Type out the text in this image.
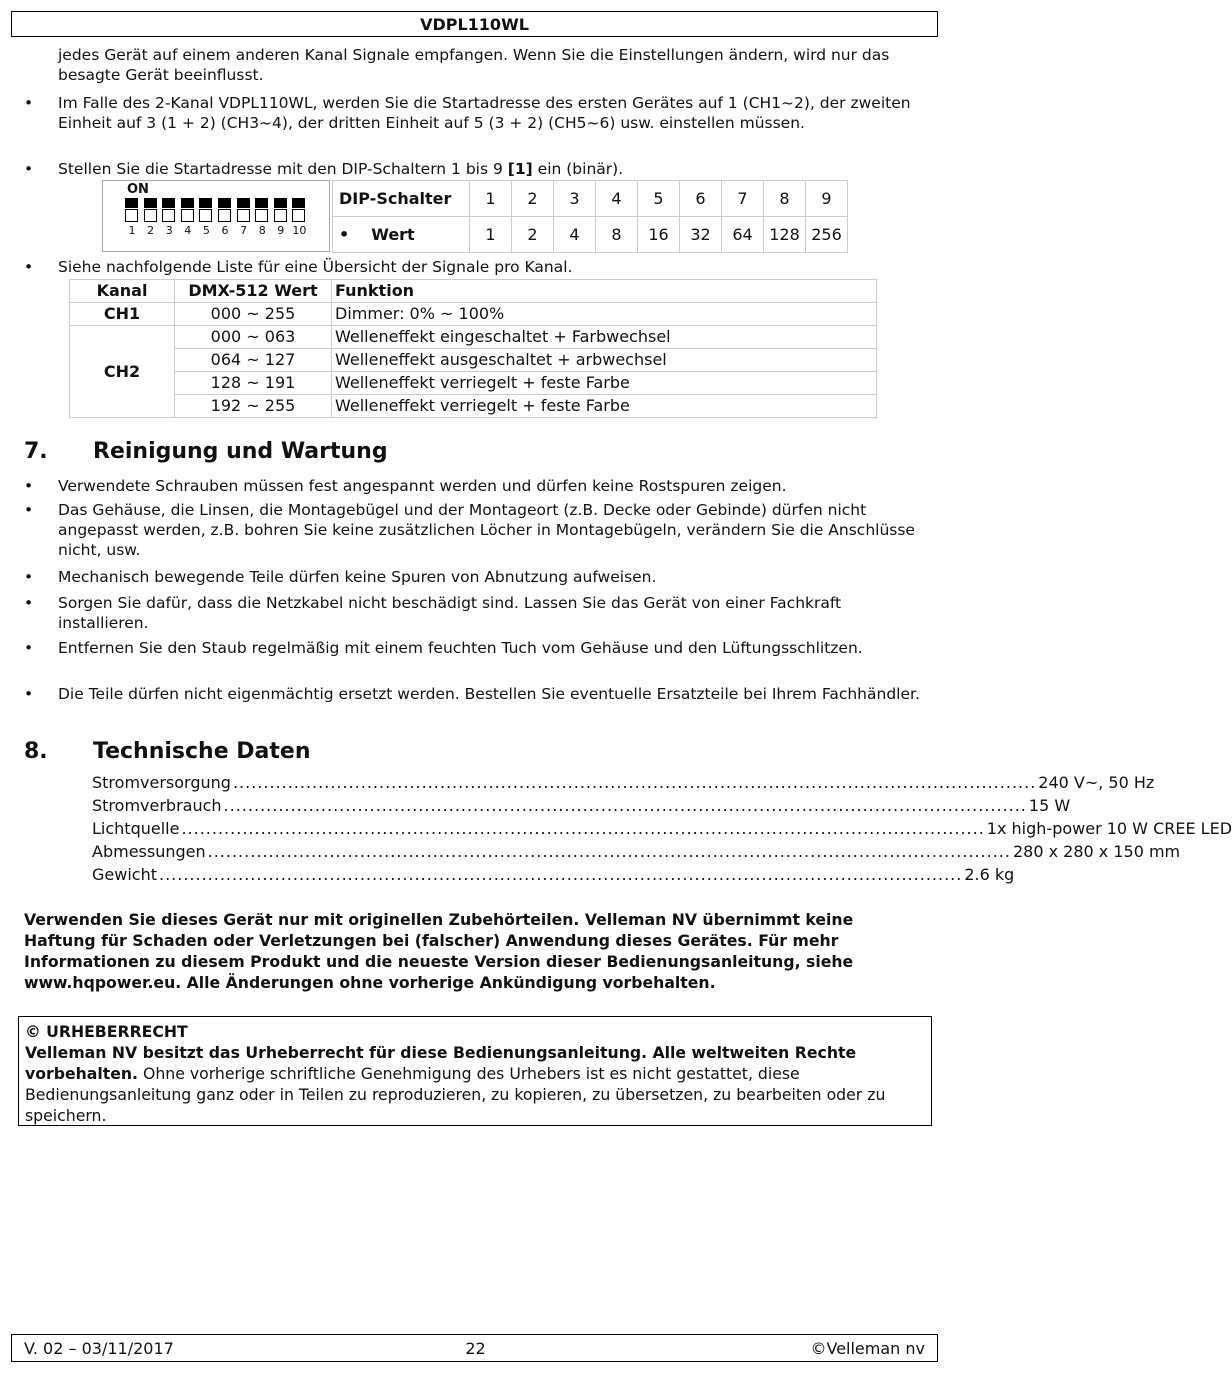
VDPL110WL
jedes Gerät auf einem anderen Kanal Signale empfangen. Wenn Sie die Einstellungen ändern, wird nur das besagte Gerät beeinflusst.
•	Im Falle des 2-Kanal VDPL110WL, werden Sie die Startadresse des ersten Gerätes auf 1 (CH1~2), der zweiten Einheit auf 3 (1 + 2) (CH3~4), der dritten Einheit auf 5 (3 + 2) (CH5~6) usw. einstellen müssen.
•	Stellen Sie die Startadresse mit den DIP-Schaltern 1 bis 9 [1] ein (binär).
ON
1	2	3	4	5	6	7	8	9 10
DIP-Schalter	1	2	3	4	5	6	7	8	9
• Wert	1	2	4	8	16	32	64	128	256
•	Siehe nachfolgende Liste für eine Übersicht der Signale pro Kanal.
Kanal	DMX-512 Wert	Funktion
CH1	000 ~ 255	Dimmer: 0% ~ 100%
CH2	000 ~ 063	Welleneffekt eingeschaltet + Farbwechsel
	064 ~ 127	Welleneffekt ausgeschaltet + arbwechsel
	128 ~ 191	Welleneffekt verriegelt + feste Farbe
	192 ~ 255	Welleneffekt verriegelt + feste Farbe
7. Reinigung und Wartung
•	Verwendete Schrauben müssen fest angespannt werden und dürfen keine Rostspuren zeigen.
•	Das Gehäuse, die Linsen, die Montagebügel und der Montageort (z.B. Decke oder Gebinde) dürfen nicht angepasst werden, z.B. bohren Sie keine zusätzlichen Löcher in Montagebügeln, verändern Sie die Anschlüsse nicht, usw.
•	Mechanisch bewegende Teile dürfen keine Spuren von Abnutzung aufweisen.
•	Sorgen Sie dafür, dass die Netzkabel nicht beschädigt sind. Lassen Sie das Gerät von einer Fachkraft installieren.
•	Entfernen Sie den Staub regelmäßig mit einem feuchten Tuch vom Gehäuse und den Lüftungsschlitzen.
•	Die Teile dürfen nicht eigenmächtig ersetzt werden. Bestellen Sie eventuelle Ersatzteile bei Ihrem Fachhändler.
8. Technische Daten
Stromversorgung .................................................................................................................................... 240 V~, 50 Hz
Stromverbrauch .................................................................................................................................... 15 W
Lichtquelle .................................................................................................................................... 1x high-power 10 W CREE LED
Abmessungen .................................................................................................................................... 280 x 280 x 150 mm
Gewicht .................................................................................................................................... 2.6 kg
Verwenden Sie dieses Gerät nur mit originellen Zubehörteilen. Velleman NV übernimmt keine Haftung für Schaden oder Verletzungen bei (falscher) Anwendung dieses Gerätes. Für mehr Informationen zu diesem Produkt und die neueste Version dieser Bedienungsanleitung, siehe www.hqpower.eu. Alle Änderungen ohne vorherige Ankündigung vorbehalten.
© URHEBERRECHT
Velleman NV besitzt das Urheberrecht für diese Bedienungsanleitung. Alle weltweiten Rechte vorbehalten. Ohne vorherige schriftliche Genehmigung des Urhebers ist es nicht gestattet, diese Bedienungsanleitung ganz oder in Teilen zu reproduzieren, zu kopieren, zu übersetzen, zu bearbeiten oder zu speichern.
22
V. 02 – 03/11/2017	©Velleman nv
